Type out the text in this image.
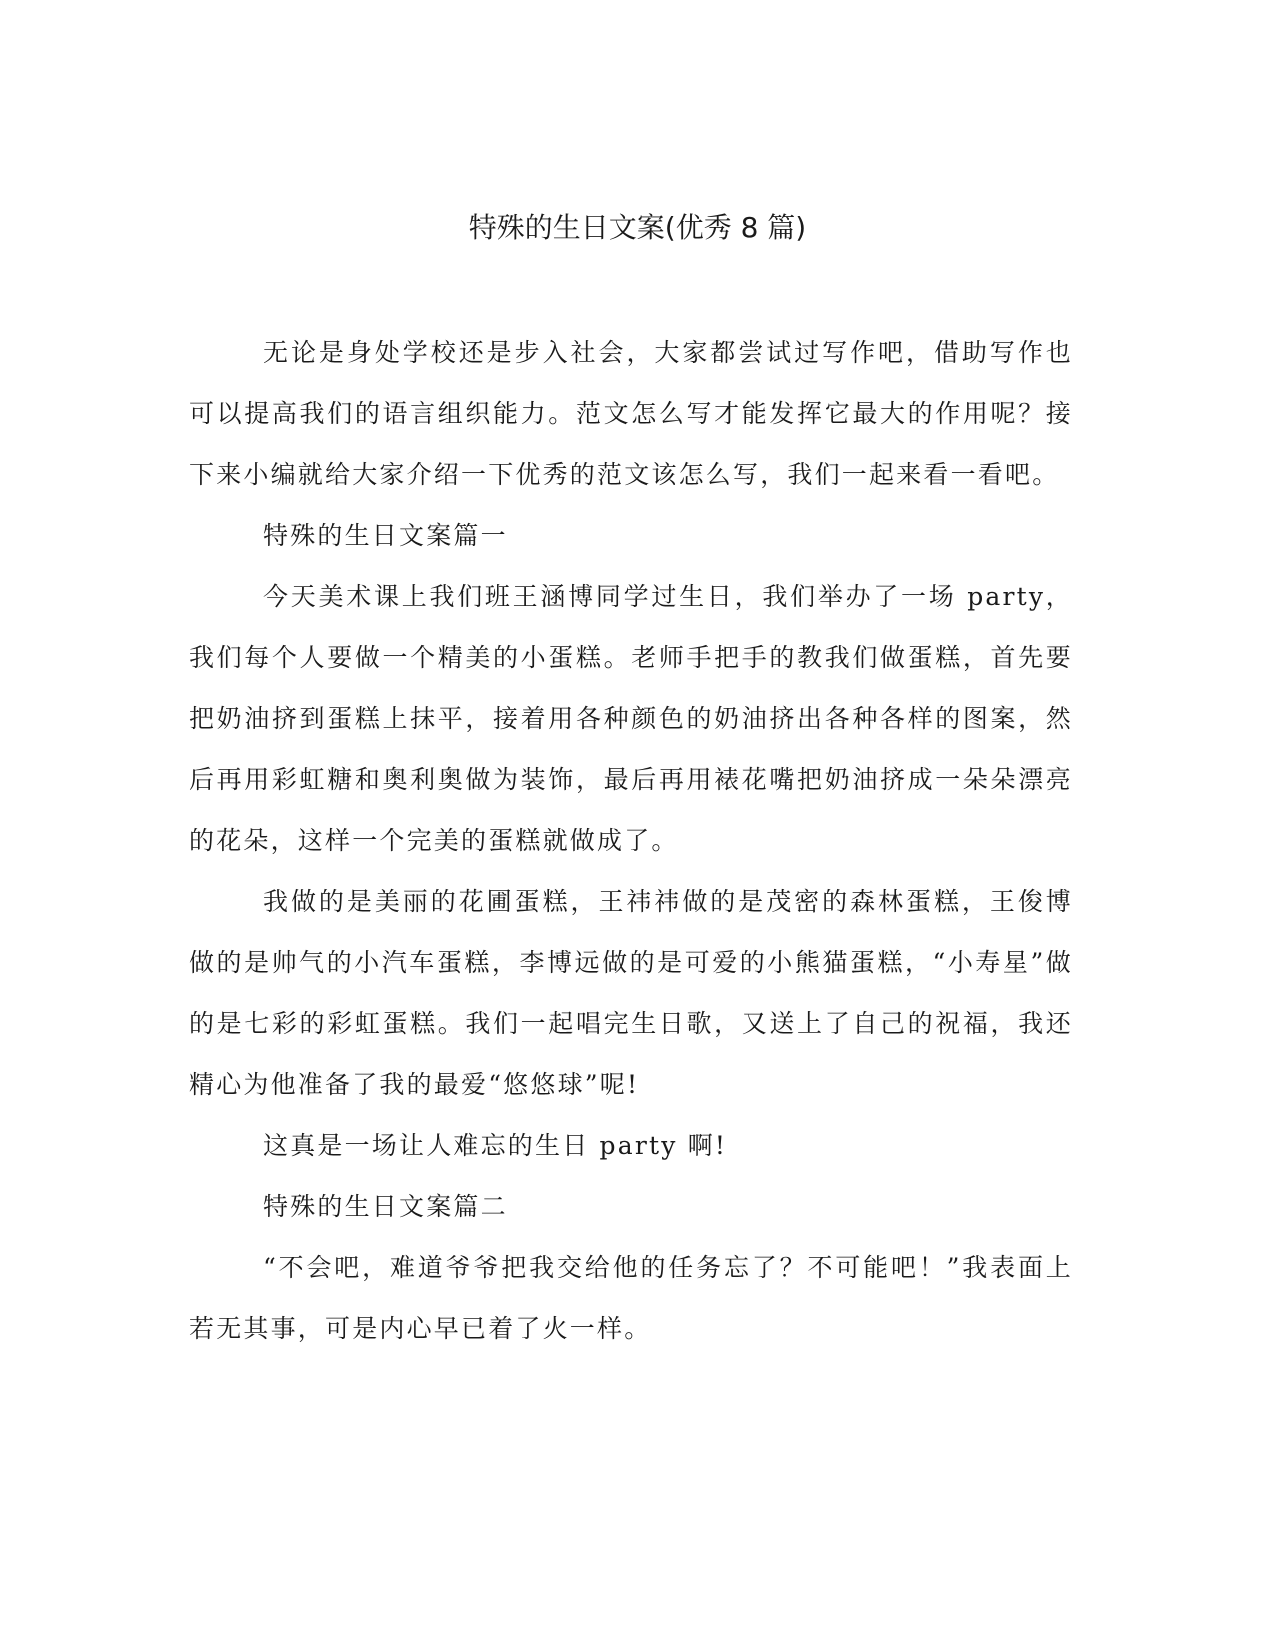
特殊的生日文案(优秀 8 篇)

无论是身处学校还是步入社会，大家都尝试过写作吧，借助写作也可以提高我们的语言组织能力。范文怎么写才能发挥它最大的作用呢？接下来小编就给大家介绍一下优秀的范文该怎么写，我们一起来看一看吧。

特殊的生日文案篇一

今天美术课上我们班王涵博同学过生日，我们举办了一场 party，我们每个人要做一个精美的小蛋糕。老师手把手的教我们做蛋糕，首先要把奶油挤到蛋糕上抹平，接着用各种颜色的奶油挤出各种各样的图案，然后再用彩虹糖和奥利奥做为装饰，最后再用裱花嘴把奶油挤成一朵朵漂亮的花朵，这样一个完美的蛋糕就做成了。

我做的是美丽的花圃蛋糕，王祎祎做的是茂密的森林蛋糕，王俊博做的是帅气的小汽车蛋糕，李博远做的是可爱的小熊猫蛋糕，“小寿星”做的是七彩的彩虹蛋糕。我们一起唱完生日歌，又送上了自己的祝福，我还精心为他准备了我的最爱“悠悠球”呢!

这真是一场让人难忘的生日 party 啊!

特殊的生日文案篇二

“不会吧，难道爷爷把我交给他的任务忘了？不可能吧！”我表面上若无其事，可是内心早已着了火一样。
